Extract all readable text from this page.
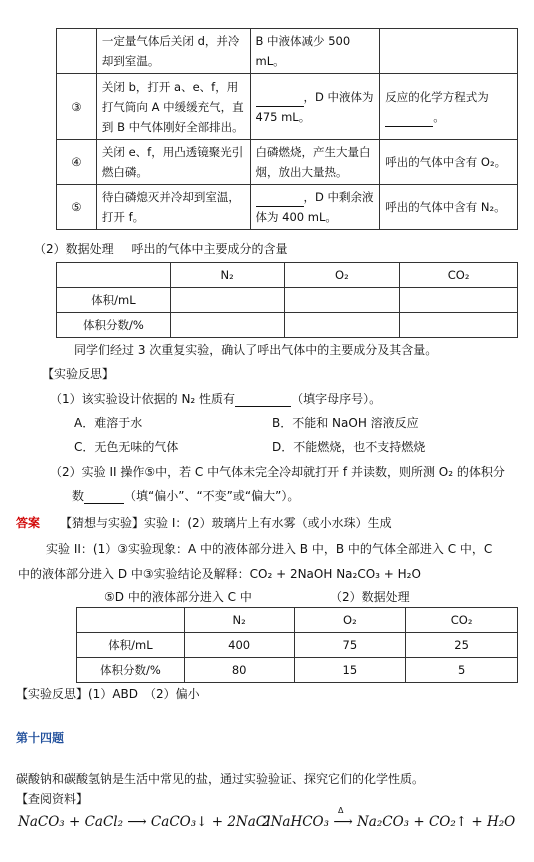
	一定量气体后关闭 d，并冷却到室温。	B 中液体减少 500 mL。	
③	关闭 b，打开 a、e、f，用打气筒向 A 中缓缓充气，直到 B 中气体刚好全部排出。	，D 中液体为 475 mL。	反应的化学方程式为
。
④	关闭 e、f，用凸透镜聚光引燃白磷。	白磷燃烧，产生大量白烟，放出大量热。	呼出的气体中含有 O₂。
⑤	待白磷熄灭并冷却到室温，打开 f。	，D 中剩余液体为 400 mL。	呼出的气体中含有 N₂。
（2）数据处理 呼出的气体中主要成分的含量
	N₂	O₂	CO₂
体积/mL			
体积分数/%			
同学们经过 3 次重复实验，确认了呼出气体中的主要成分及其含量。
【实验反思】
（1）该实验设计依据的 N₂ 性质有	（填字母序号）。
A．难溶于水	B．不能和 NaOH 溶液反应
C．无色无味的气体	D．不能燃烧，也不支持燃烧
（2）实验 II 操作⑤中，若 C 中气体未完全冷却就打开 f 并读数，则所测 O₂ 的体积分
数	（填“偏小”、“不变”或“偏大”）。
答案 【猜想与实验】实验 I：(2）玻璃片上有水雾（或小水珠）生成
实验 II：(1）③实验现象：A 中的液体部分进入 B 中，B 中的气体全部进入 C 中，C
中的液体部分进入 D 中③实验结论及解释：CO₂ + 2NaOH Na₂CO₃ + H₂O
⑤D 中的液体部分进入 C 中	（2）数据处理
	N₂	O₂	CO₂
体积/mL	400	75	25
体积分数/%	80	15	5
【实验反思】(1）ABD　（2）偏小
第十四题
碳酸钠和碳酸氢钠是生活中常见的盐，通过实验验证、探究它们的化学性质。
【查阅资料】
NaCO₃ + CaCl₂ ⟶ CaCO₃↓ + 2NaCl
2NaHCO₃ ⟶ Na₂CO₃ + CO₂↑ + H₂O
Δ
